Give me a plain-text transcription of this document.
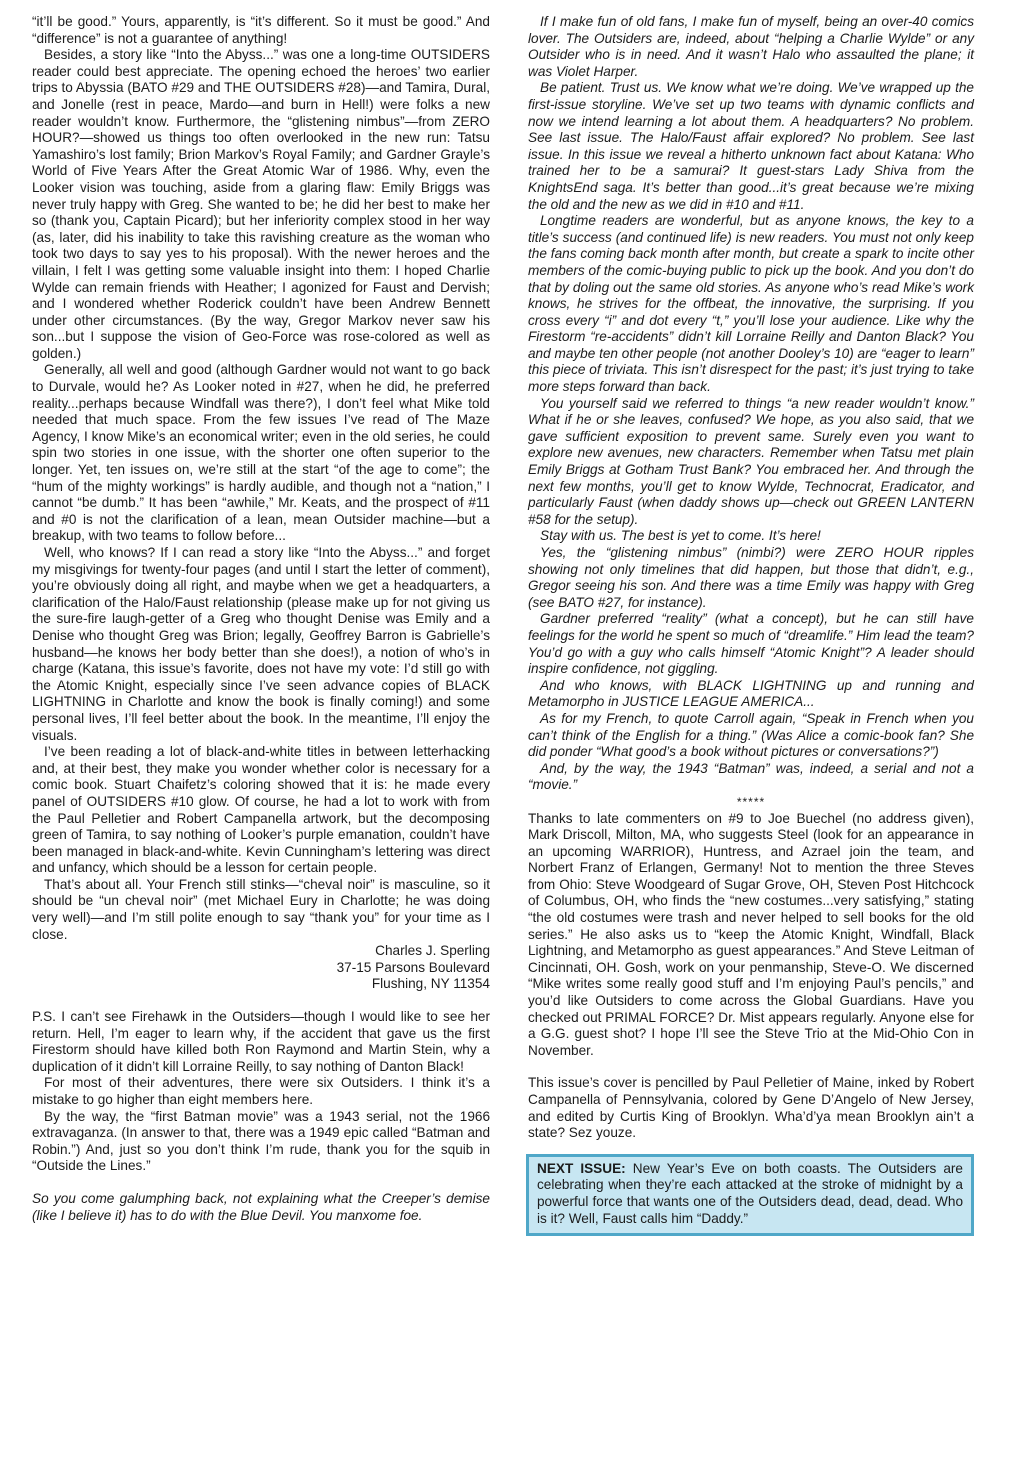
“it’ll be good.” Yours, apparently, is “it’s different. So it must be good.” And “difference” is not a guarantee of anything!

Besides, a story like “Into the Abyss...” was one a long-time OUTSIDERS reader could best appreciate. The opening echoed the heroes’ two earlier trips to Abyssia (BATO #29 and THE OUTSIDERS #28)—and Tamira, Dural, and Jonelle (rest in peace, Mardo—and burn in Hell!) were folks a new reader wouldn’t know. Furthermore, the “glistening nimbus”—from ZERO HOUR?—showed us things too often overlooked in the new run: Tatsu Yamashiro’s lost family; Brion Markov’s Royal Family; and Gardner Grayle’s World of Five Years After the Great Atomic War of 1986. Why, even the Looker vision was touching, aside from a glaring flaw: Emily Briggs was never truly happy with Greg. She wanted to be; he did her best to make her so (thank you, Captain Picard); but her inferiority complex stood in her way (as, later, did his inability to take this ravishing creature as the woman who took two days to say yes to his proposal). With the newer heroes and the villain, I felt I was getting some valuable insight into them: I hoped Charlie Wylde can remain friends with Heather; I agonized for Faust and Dervish; and I wondered whether Roderick couldn’t have been Andrew Bennett under other circumstances. (By the way, Gregor Markov never saw his son...but I suppose the vision of Geo-Force was rose-colored as well as golden.)

Generally, all well and good (although Gardner would not want to go back to Durvale, would he? As Looker noted in #27, when he did, he preferred reality...perhaps because Windfall was there?), I don’t feel what Mike told needed that much space. From the few issues I’ve read of The Maze Agency, I know Mike’s an economical writer; even in the old series, he could spin two stories in one issue, with the shorter one often superior to the longer. Yet, ten issues on, we’re still at the start “of the age to come”; the “hum of the mighty workings” is hardly audible, and though not a “nation,” I cannot “be dumb.” It has been “awhile,” Mr. Keats, and the prospect of #11 and #0 is not the clarification of a lean, mean Outsider machine—but a breakup, with two teams to follow before...

Well, who knows? If I can read a story like “Into the Abyss...” and forget my misgivings for twenty-four pages (and until I start the letter of comment), you’re obviously doing all right, and maybe when we get a headquarters, a clarification of the Halo/Faust relationship (please make up for not giving us the sure-fire laugh-getter of a Greg who thought Denise was Emily and a Denise who thought Greg was Brion; legally, Geoffrey Barron is Gabrielle’s husband—he knows her body better than she does!), a notion of who’s in charge (Katana, this issue’s favorite, does not have my vote: I’d still go with the Atomic Knight, especially since I’ve seen advance copies of BLACK LIGHTNING in Charlotte and know the book is finally coming!) and some personal lives, I’ll feel better about the book. In the meantime, I’ll enjoy the visuals.

I’ve been reading a lot of black-and-white titles in between letterhacking and, at their best, they make you wonder whether color is necessary for a comic book. Stuart Chaifetz’s coloring showed that it is: he made every panel of OUTSIDERS #10 glow. Of course, he had a lot to work with from the Paul Pelletier and Robert Campanella artwork, but the decomposing green of Tamira, to say nothing of Looker’s purple emanation, couldn’t have been managed in black-and-white. Kevin Cunningham’s lettering was direct and unfancy, which should be a lesson for certain people.

That’s about all. Your French still stinks—“cheval noir” is masculine, so it should be “un cheval noir” (met Michael Eury in Charlotte; he was doing very well)—and I’m still polite enough to say “thank you” for your time as I close.

Charles J. Sperling

37-15 Parsons Boulevard

Flushing, NY 11354

P.S. I can’t see Firehawk in the Outsiders—though I would like to see her return. Hell, I’m eager to learn why, if the accident that gave us the first Firestorm should have killed both Ron Raymond and Martin Stein, why a duplication of it didn’t kill Lorraine Reilly, to say nothing of Danton Black!

For most of their adventures, there were six Outsiders. I think it’s a mistake to go higher than eight members here.

By the way, the “first Batman movie” was a 1943 serial, not the 1966 extravaganza. (In answer to that, there was a 1949 epic called “Batman and Robin.”) And, just so you don’t think I’m rude, thank you for the squib in “Outside the Lines.”

So you come galumphing back, not explaining what the Creeper’s demise (like I believe it) has to do with the Blue Devil. You manxome foe.

If I make fun of old fans, I make fun of myself, being an over-40 comics lover. The Outsiders are, indeed, about “helping a Charlie Wylde” or any Outsider who is in need. And it wasn’t Halo who assaulted the plane; it was Violet Harper.

Be patient. Trust us. We know what we’re doing. We’ve wrapped up the first-issue storyline. We’ve set up two teams with dynamic conflicts and now we intend learning a lot about them. A headquarters? No problem. See last issue. The Halo/Faust affair explored? No problem. See last issue. In this issue we reveal a hitherto unknown fact about Katana: Who trained her to be a samurai? It guest-stars Lady Shiva from the KnightsEnd saga. It’s better than good...it’s great because we’re mixing the old and the new as we did in #10 and #11.

Longtime readers are wonderful, but as anyone knows, the key to a title’s success (and continued life) is new readers. You must not only keep the fans coming back month after month, but create a spark to incite other members of the comic-buying public to pick up the book. And you don’t do that by doling out the same old stories. As anyone who’s read Mike’s work knows, he strives for the offbeat, the innovative, the surprising. If you cross every “i” and dot every “t,” you’ll lose your audience. Like why the Firestorm “re-accidents” didn’t kill Lorraine Reilly and Danton Black? You and maybe ten other people (not another Dooley’s 10) are “eager to learn” this piece of triviata. This isn’t disrespect for the past; it’s just trying to take more steps forward than back.

You yourself said we referred to things “a new reader wouldn’t know.” What if he or she leaves, confused? We hope, as you also said, that we gave sufficient exposition to prevent same. Surely even you want to explore new avenues, new characters. Remember when Tatsu met plain Emily Briggs at Gotham Trust Bank? You embraced her. And through the next few months, you’ll get to know Wylde, Technocrat, Eradicator, and particularly Faust (when daddy shows up—check out GREEN LANTERN #58 for the setup).

Stay with us. The best is yet to come. It’s here!

Yes, the “glistening nimbus” (nimbi?) were ZERO HOUR ripples showing not only timelines that did happen, but those that didn’t, e.g., Gregor seeing his son. And there was a time Emily was happy with Greg (see BATO #27, for instance).

Gardner preferred “reality” (what a concept), but he can still have feelings for the world he spent so much of “dreamlife.” Him lead the team? You’d go with a guy who calls himself “Atomic Knight”? A leader should inspire confidence, not giggling.

And who knows, with BLACK LIGHTNING up and running and Metamorpho in JUSTICE LEAGUE AMERICA...

As for my French, to quote Carroll again, “Speak in French when you can’t think of the English for a thing.” (Was Alice a comic-book fan? She did ponder “What good’s a book without pictures or conversations?”)

And, by the way, the 1943 “Batman” was, indeed, a serial and not a “movie.”

*****

Thanks to late commenters on #9 to Joe Buechel (no address given), Mark Driscoll, Milton, MA, who suggests Steel (look for an appearance in an upcoming WARRIOR), Huntress, and Azrael join the team, and Norbert Franz of Erlangen, Germany! Not to mention the three Steves from Ohio: Steve Woodgeard of Sugar Grove, OH, Steven Post Hitchcock of Columbus, OH, who finds the “new costumes...very satisfying,” stating “the old costumes were trash and never helped to sell books for the old series.” He also asks us to “keep the Atomic Knight, Windfall, Black Lightning, and Metamorpho as guest appearances.” And Steve Leitman of Cincinnati, OH. Gosh, work on your penmanship, Steve-O. We discerned “Mike writes some really good stuff and I’m enjoying Paul’s pencils,” and you’d like Outsiders to come across the Global Guardians. Have you checked out PRIMAL FORCE? Dr. Mist appears regularly. Anyone else for a G.G. guest shot? I hope I’ll see the Steve Trio at the Mid-Ohio Con in November.

This issue’s cover is pencilled by Paul Pelletier of Maine, inked by Robert Campanella of Pennsylvania, colored by Gene D’Angelo of New Jersey, and edited by Curtis King of Brooklyn. Wha’d’ya mean Brooklyn ain’t a state? Sez youze.

NEXT ISSUE: New Year’s Eve on both coasts. The Outsiders are celebrating when they’re each attacked at the stroke of midnight by a powerful force that wants one of the Outsiders dead, dead, dead. Who is it? Well, Faust calls him “Daddy.”
